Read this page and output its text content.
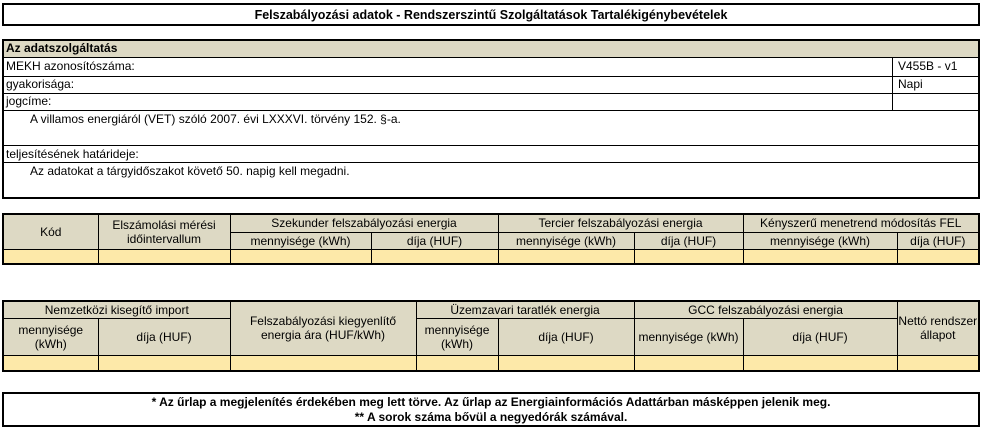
Felszabályozási adatok - Rendszerszintű Szolgáltatások Tartalékigénybevételek
Az adatszolgáltatás
MEKH azonosítószáma:	V455B - v1
gyakorisága:	Napi
jogcíme:
A villamos energiáról (VET) szóló 2007. évi LXXXVI. törvény 152. §-a.
teljesítésének határideje:
Az adatokat a tárgyidőszakot követő 50. napig kell megadni.
Kód	Elszámolási mérési időintervallum	Szekunder felszabályozási energia		Tercier felszabályozási energia		Kényszerű menetrend módosítás FEL	
		mennyisége (kWh)	díja (HUF)	mennyisége (kWh)	díja (HUF)	mennyisége (kWh)	díja (HUF)

Nemzetközi kisegítő import		Felszabályozási kiegyenlítő energia ára (HUF/kWh)	Üzemzavari taratlék energia		GCC felszabályozási energia		Nettó rendszer állapot
mennyisége (kWh)	díja (HUF)		mennyisége (kWh)	díja (HUF)	mennyisége (kWh)	díja (HUF)	

* Az űrlap a megjelenítés érdekében meg lett törve. Az űrlap az Energiainformációs Adattárban másképpen jelenik meg.
** A sorok száma bővül a negyedórák számával.
